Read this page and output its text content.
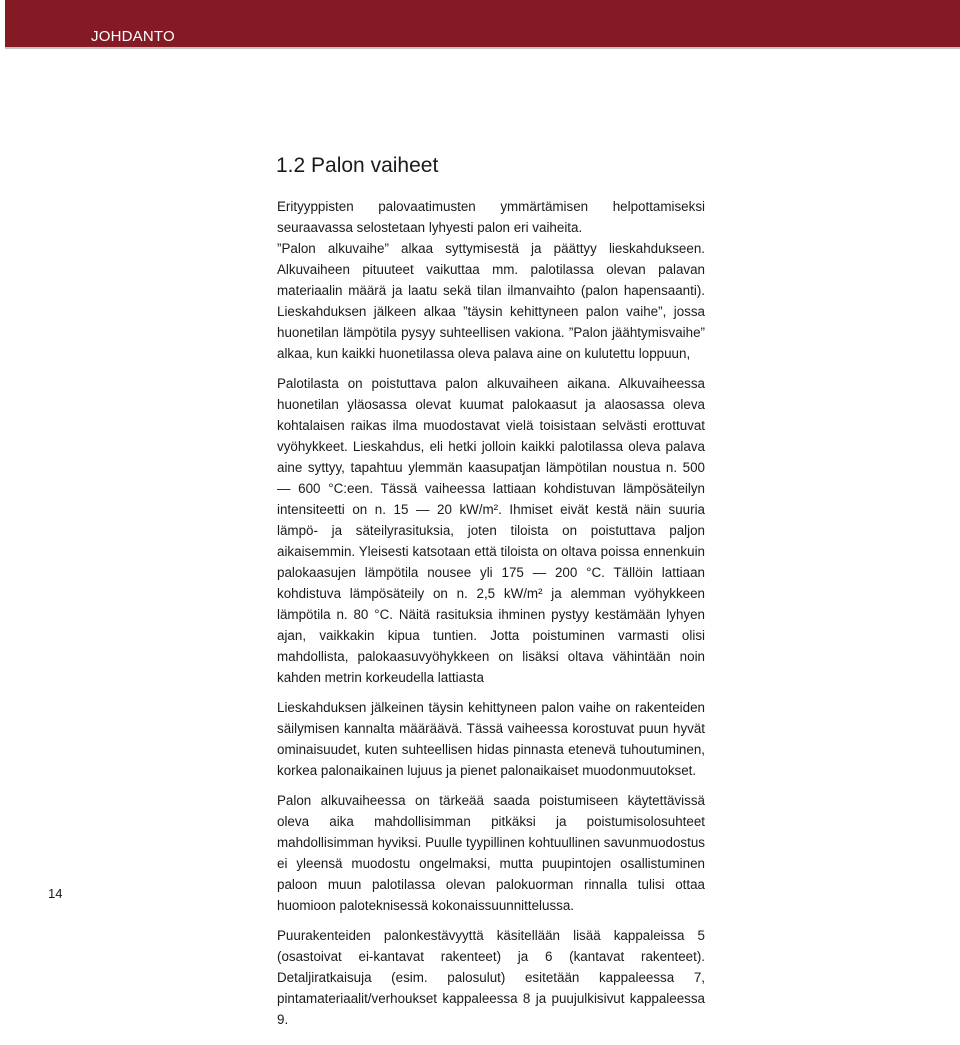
JOHDANTO
1.2 Palon vaiheet

Erityyppisten palovaatimusten ymmärtämisen helpottamiseksi seuraavassa selostetaan lyhyesti palon eri vaiheita.

”Palon alkuvaihe” alkaa syttymisestä ja päättyy lieskahdukseen. Alkuvaiheen pituuteet vaikuttaa mm. palotilassa olevan palavan materiaalin määrä ja laatu sekä tilan ilmanvaihto (palon hapensaanti). Lieskahduksen jälkeen alkaa ”täysin kehittyneen palon vaihe”, jossa huonetilan lämpötila pysyy suhteellisen vakiona. ”Palon jäähtymisvaihe” alkaa, kun kaikki huonetilassa oleva palava aine on kulutettu loppuun,

Palotilasta on poistuttava palon alkuvaiheen aikana. Alkuvaiheessa huonetilan yläosassa olevat kuumat palokaasut ja alaosassa oleva kohtalaisen raikas ilma muodostavat vielä toisistaan selvästi erottuvat vyöhykkeet. Lieskahdus, eli hetki jolloin kaikki palotilassa oleva palava aine syttyy, tapahtuu ylemmän kaasupatjan lämpötilan noustua n. 500 — 600 °C:een. Tässä vaiheessa lattiaan kohdistuvan lämpösäteilyn intensiteetti on n. 15 — 20 kW/m². Ihmiset eivät kestä näin suuria lämpö- ja säteilyrasituksia, joten tiloista on poistuttava paljon aikaisemmin. Yleisesti katsotaan että tiloista on oltava poissa ennenkuin palokaasujen lämpötila nousee yli 175 — 200 °C. Tällöin lattiaan kohdistuva lämpösäteily on n. 2,5 kW/m² ja alemman vyöhykkeen lämpötila n. 80 °C. Näitä rasituksia ihminen pystyy kestämään lyhyen ajan, vaikkakin kipua tuntien. Jotta poistuminen varmasti olisi mahdollista, palokaasuvyöhykkeen on lisäksi oltava vähintään noin kahden metrin korkeudella lattiasta

Lieskahduksen jälkeinen täysin kehittyneen palon vaihe on rakenteiden säilymisen kannalta määräävä. Tässä vaiheessa korostuvat puun hyvät ominaisuudet, kuten suhteellisen hidas pinnasta etenevä tuhoutuminen, korkea palonaikainen lujuus ja pienet palonaikaiset muodonmuutokset.

Palon alkuvaiheessa on tärkeää saada poistumiseen käytettävissä oleva aika mahdollisimman pitkäksi ja poistumisolosuhteet mahdollisimman hyviksi. Puulle tyypillinen kohtuullinen savunmuodostus ei yleensä muodostu ongelmaksi, mutta puupintojen osallistuminen paloon muun palotilassa olevan palokuorman rinnalla tulisi ottaa huomioon paloteknisessä kokonaissuunnittelussa.

Puurakenteiden palonkestävyyttä käsitellään lisää kappaleissa 5 (osastoivat ei-kantavat rakenteet) ja 6 (kantavat rakenteet). Detaljiratkaisuja (esim. palosulut) esitetään kappaleessa 7, pintamateriaalit/verhoukset kappaleessa 8 ja puujulkisivut kappaleessa 9.

14
